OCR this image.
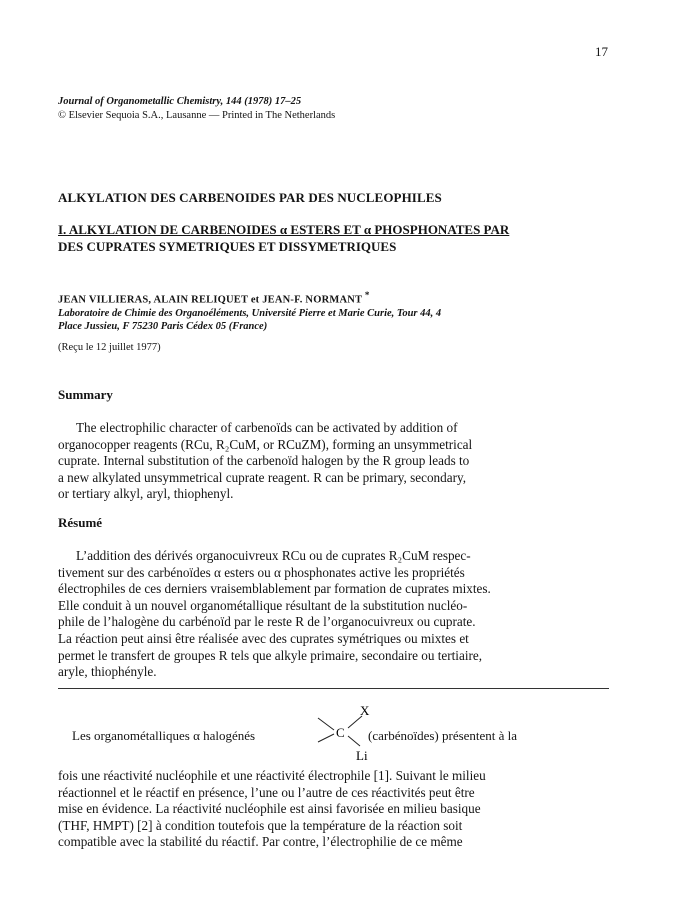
17
Journal of Organometallic Chemistry, 144 (1978) 17–25
© Elsevier Sequoia S.A., Lausanne — Printed in The Netherlands
ALKYLATION DES CARBENOIDES PAR DES NUCLEOPHILES
I. ALKYLATION DE CARBENOIDES α ESTERS ET α PHOSPHONATES PAR
DES CUPRATES SYMETRIQUES ET DISSYMETRIQUES
JEAN VILLIERAS, ALAIN RELIQUET et JEAN-F. NORMANT *
Laboratoire de Chimie des Organoéléments, Université Pierre et Marie Curie, Tour 44, 4
Place Jussieu, F 75230 Paris Cédex 05 (France)
(Reçu le 12 juillet 1977)
Summary

The electrophilic character of carbenoïds can be activated by addition of

organocopper reagents (RCu, R₂CuM, or RCuZM), forming an unsymmetrical

cuprate. Internal substitution of the carbenoïd halogen by the R group leads to

a new alkylated unsymmetrical cuprate reagent. R can be primary, secondary,

or tertiary alkyl, aryl, thiophenyl.

Résumé

L’addition des dérivés organocuivreux RCu ou de cuprates R₂CuM respec-

tivement sur des carbénoïdes α esters ou α phosphonates active les propriétés

électrophiles de ces derniers vraisemblablement par formation de cuprates mixtes.

Elle conduit à un nouvel organométallique résultant de la substitution nucléo-

phile de l’halogène du carbénoïd par le reste R de l’organocuivreux ou cuprate.

La réaction peut ainsi être réalisée avec des cuprates symétriques ou mixtes et

permet le transfert de groupes R tels que alkyle primaire, secondaire ou tertiaire,

aryle, thiophényle.

Les organométalliques α halogénés	C
X
Li
(carbénoïdes) présentent à la
fois une réactivité nucléophile et une réactivité électrophile [1]. Suivant le milieu
réactionnel et le réactif en présence, l’une ou l’autre de ces réactivités peut être
mise en évidence. La réactivité nucléophile est ainsi favorisée en milieu basique
(THF, HMPT) [2] à condition toutefois que la température de la réaction soit
compatible avec la stabilité du réactif. Par contre, l’électrophilie de ce même
